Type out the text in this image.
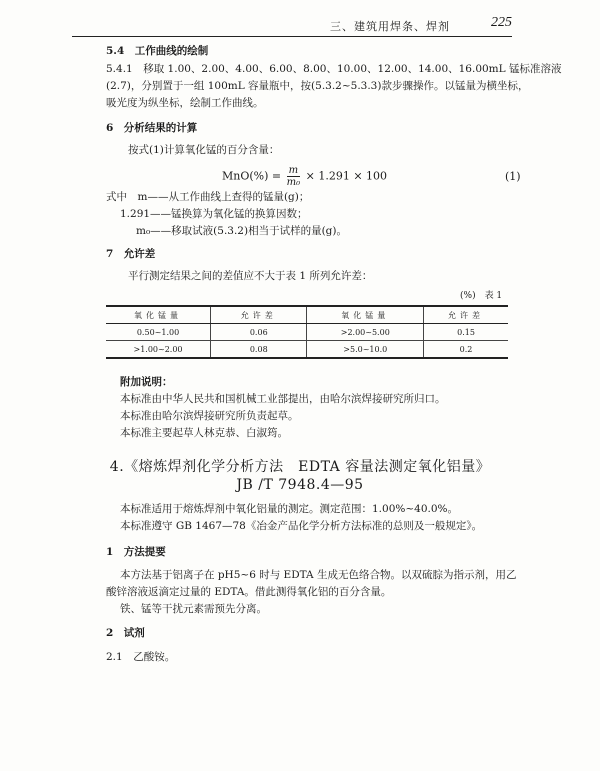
三、建筑用焊条、焊剂	225
5.4　工作曲线的绘制
5.4.1　移取 1.00、2.00、4.00、6.00、8.00、10.00、12.00、14.00、16.00mL 锰标准溶液
(2.7)，分别置于一组 100mL 容量瓶中，按(5.3.2~5.3.3)款步骤操作。以锰量为横坐标，
吸光度为纵坐标，绘制工作曲线。
6　分析结果的计算
按式(1)计算氧化锰的百分含量：
$MnO(\%) = \frac{m}{\text{m₀}} \times 1.291 \times 100$	(1)
式中　m——从工作曲线上查得的锰量(g)；
1.291——锰换算为氧化锰的换算因数；
m₀——移取试液(5.3.2)相当于试样的量(g)。
7　允许差
平行测定结果之间的差值应不大于表 1 所列允许差：
(%)　表 1
氧化锰量	允许差	氧化锰量	允许差
0.50~1.00	0.06	>2.00~5.00	0.15
>1.00~2.00	0.08	>5.0~10.0	0.2
附加说明：
本标准由中华人民共和国机械工业部提出，由哈尔滨焊接研究所归口。
本标准由哈尔滨焊接研究所负责起草。
本标准主要起草人林克恭、白淑筠。
4.《熔炼焊剂化学分析方法　EDTA 容量法测定氧化铝量》
JB /T 7948.4—95
本标准适用于熔炼焊剂中氧化铝量的测定。测定范围：1.00%~40.0%。
本标准遵守 GB 1467—78《冶金产品化学分析方法标准的总则及一般规定》。
1　方法提要
本方法基于铝离子在 pH5~6 时与 EDTA 生成无色络合物。以双硫腙为指示剂，用乙
酸锌溶液返滴定过量的 EDTA。借此测得氧化铝的百分含量。
铁、锰等干扰元素需预先分离。
2　试剂
2.1　乙酸铵。
